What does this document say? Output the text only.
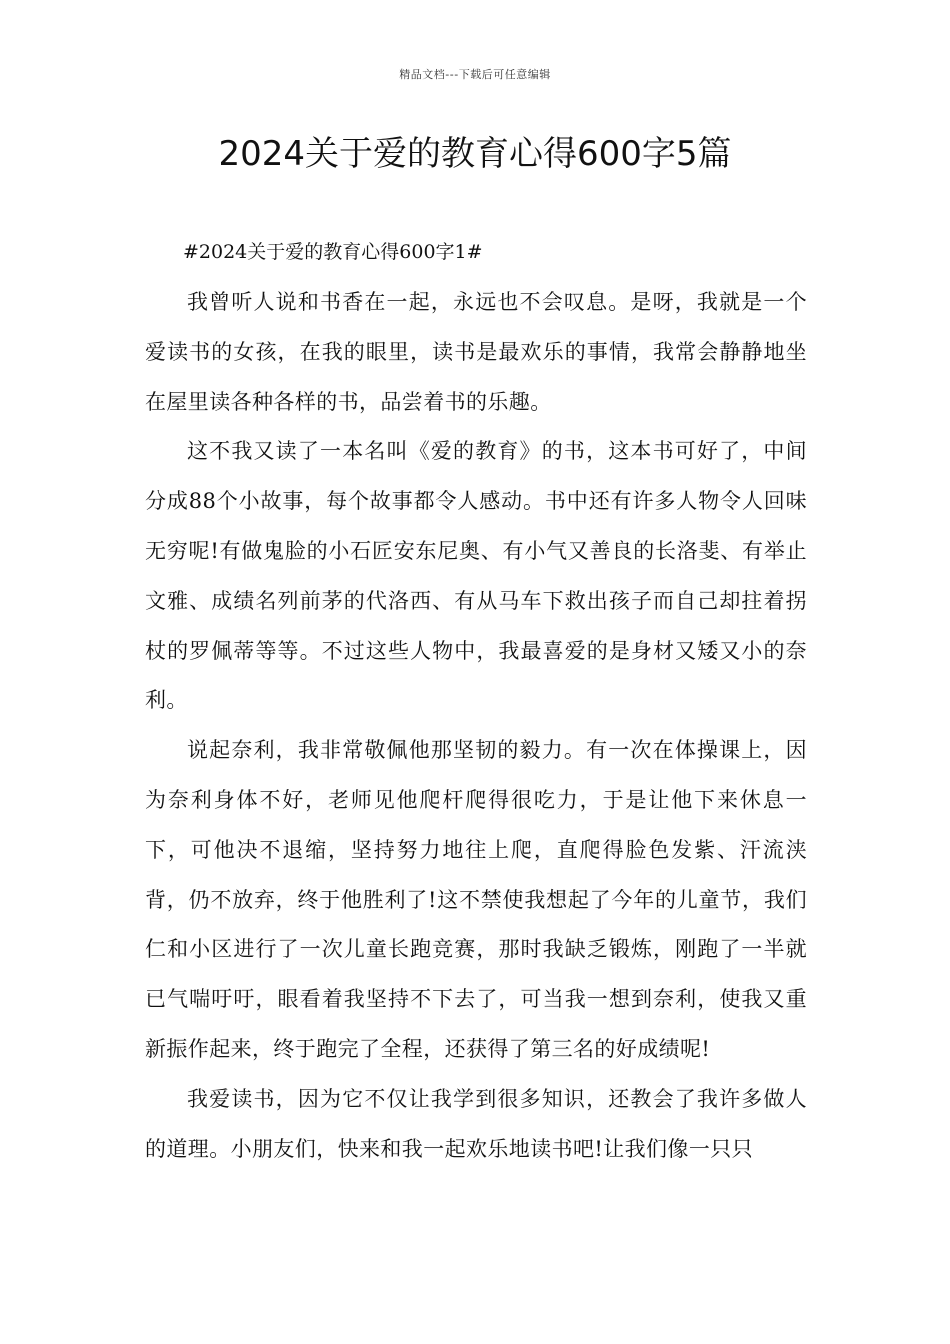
精品文档---下载后可任意编辑
2024关于爱的教育心得600字5篇

#2024关于爱的教育心得600字1#

我曾听人说和书香在一起，永远也不会叹息。是呀，我就是一个爱读书的女孩，在我的眼里，读书是最欢乐的事情，我常会静静地坐在屋里读各种各样的书，品尝着书的乐趣。

这不我又读了一本名叫《爱的教育》的书，这本书可好了，中间分成88个小故事，每个故事都令人感动。书中还有许多人物令人回味无穷呢!有做鬼脸的小石匠安东尼奥、有小气又善良的长洛斐、有举止文雅、成绩名列前茅的代洛西、有从马车下救出孩子而自己却拄着拐杖的罗佩蒂等等。不过这些人物中，我最喜爱的是身材又矮又小的奈利。

说起奈利，我非常敬佩他那坚韧的毅力。有一次在体操课上，因为奈利身体不好，老师见他爬杆爬得很吃力，于是让他下来休息一下，可他决不退缩，坚持努力地往上爬，直爬得脸色发紫、汗流浃背，仍不放弃，终于他胜利了!这不禁使我想起了今年的儿童节，我们仁和小区进行了一次儿童长跑竞赛，那时我缺乏锻炼，刚跑了一半就已气喘吁吁，眼看着我坚持不下去了，可当我一想到奈利，使我又重新振作起来，终于跑完了全程，还获得了第三名的好成绩呢!

我爱读书，因为它不仅让我学到很多知识，还教会了我许多做人的道理。小朋友们，快来和我一起欢乐地读书吧!让我们像一只只
